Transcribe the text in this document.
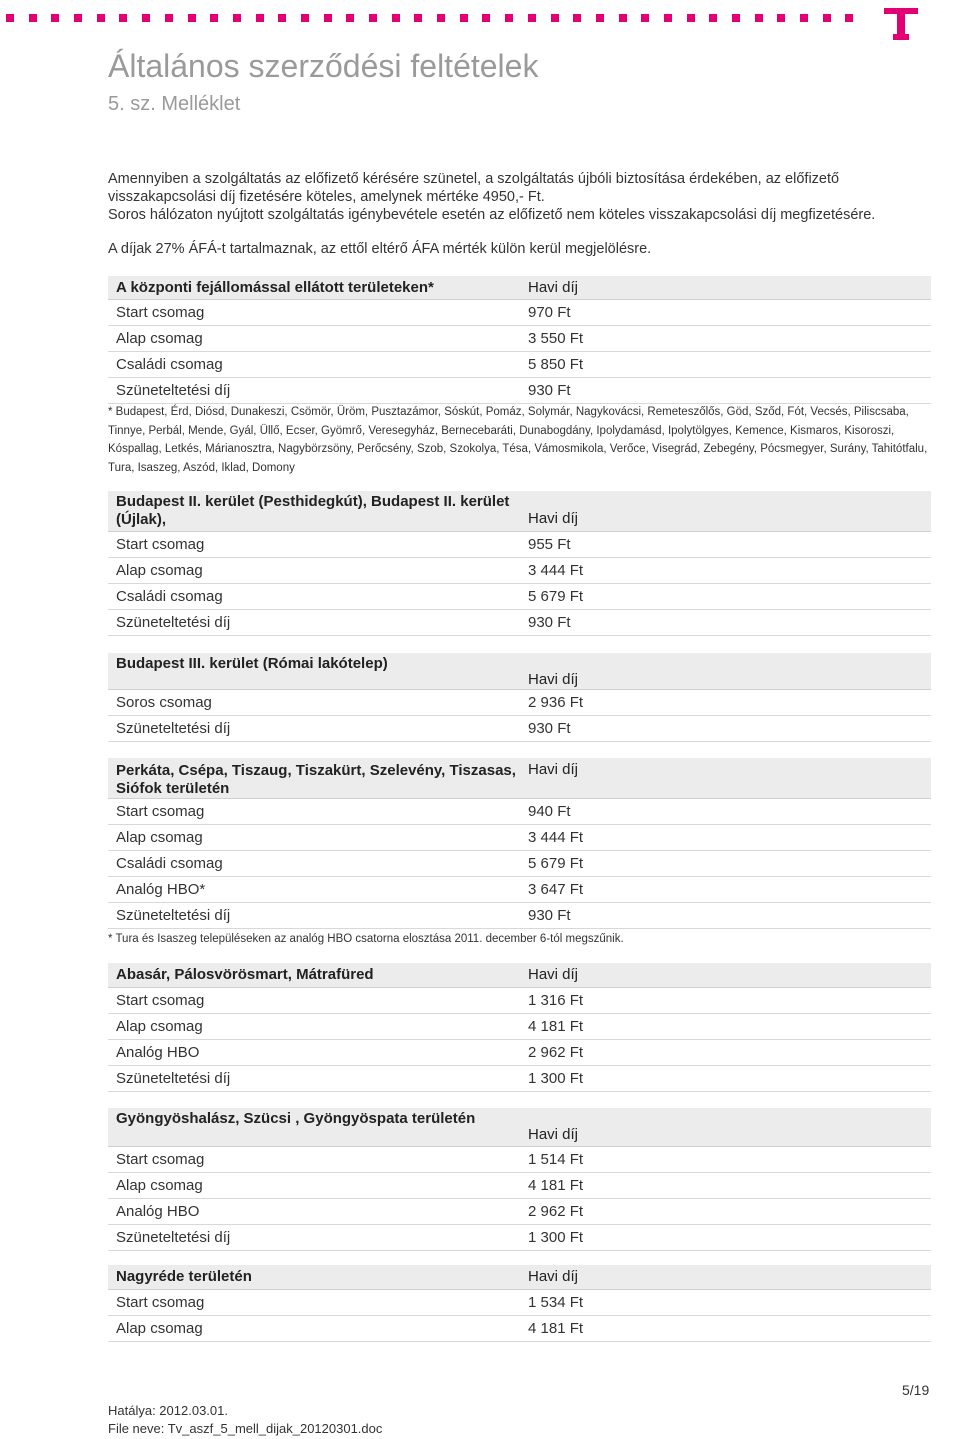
Általános szerződési feltételek
5. sz. Melléklet

Amennyiben a szolgáltatás az előfizető kérésére szünetel, a szolgáltatás újbóli biztosítása érdekében, az előfizető

visszakapcsolási díj fizetésére köteles, amelynek mértéke 4950,- Ft.

Soros hálózaton nyújtott szolgáltatás igénybevétele esetén az előfizető nem köteles visszakapcsolási díj megfizetésére.

A díjak 27% ÁFÁ-t tartalmaznak, az ettől eltérő ÁFA mérték külön kerül megjelölésre.
A központi fejállomással ellátott területeken*	Havi díj
Start csomag	970 Ft
Alap csomag	3 550 Ft
Családi csomag	5 850 Ft
Szüneteltetési díj	930 Ft
* Budapest, Érd, Diósd, Dunakeszi, Csömör, Üröm, Pusztazámor, Sóskút, Pomáz, Solymár, Nagykovácsi, Remeteszőlős, Göd, Sződ, Fót, Vecsés, Piliscsaba, Tinnye, Perbál, Mende, Gyál, Üllő, Ecser, Gyömrő, Veresegyház, Bernecebaráti, Dunabogdány, Ipolydamásd, Ipolytölgyes, Kemence, Kismaros, Kisoroszi, Kóspallag, Letkés, Márianosztra, Nagybörzsöny, Perőcsény, Szob, Szokolya, Tésa, Vámosmikola, Verőce, Visegrád, Zebegény, Pócsmegyer, Surány, Tahitótfalu, Tura, Isaszeg, Aszód, Iklad, Domony
Budapest II. kerület (Pesthidegkút), Budapest II. kerület (Újlak),	Havi díj
Start csomag	955 Ft
Alap csomag	3 444 Ft
Családi csomag	5 679 Ft
Szüneteltetési díj	930 Ft
Budapest III. kerület (Római lakótelep)
Havi díj
Soros csomag	2 936 Ft
Szüneteltetési díj	930 Ft
Perkáta, Csépa, Tiszaug, Tiszakürt, Szelevény, Tiszasas, Siófok területén
Havi díj
Start csomag	940 Ft
Alap csomag	3 444 Ft
Családi csomag	5 679 Ft
Analóg HBO*	3 647 Ft
Szüneteltetési díj	930 Ft
* Tura és Isaszeg településeken az analóg HBO csatorna elosztása 2011. december 6-tól megszűnik.
Abasár, Pálosvörösmart, Mátrafüred	Havi díj
Start csomag	1 316 Ft
Alap csomag	4 181 Ft
Analóg HBO	2 962 Ft
Szüneteltetési díj	1 300 Ft
Gyöngyöshalász, Szücsi , Gyöngyöspata területén
Havi díj
Start csomag	1 514 Ft
Alap csomag	4 181 Ft
Analóg HBO	2 962 Ft
Szüneteltetési díj	1 300 Ft
Nagyréde területén	Havi díj
Start csomag	1 534 Ft
Alap csomag	4 181 Ft
5/19
Hatálya: 2012.03.01.
File neve: Tv_aszf_5_mell_dijak_20120301.doc
